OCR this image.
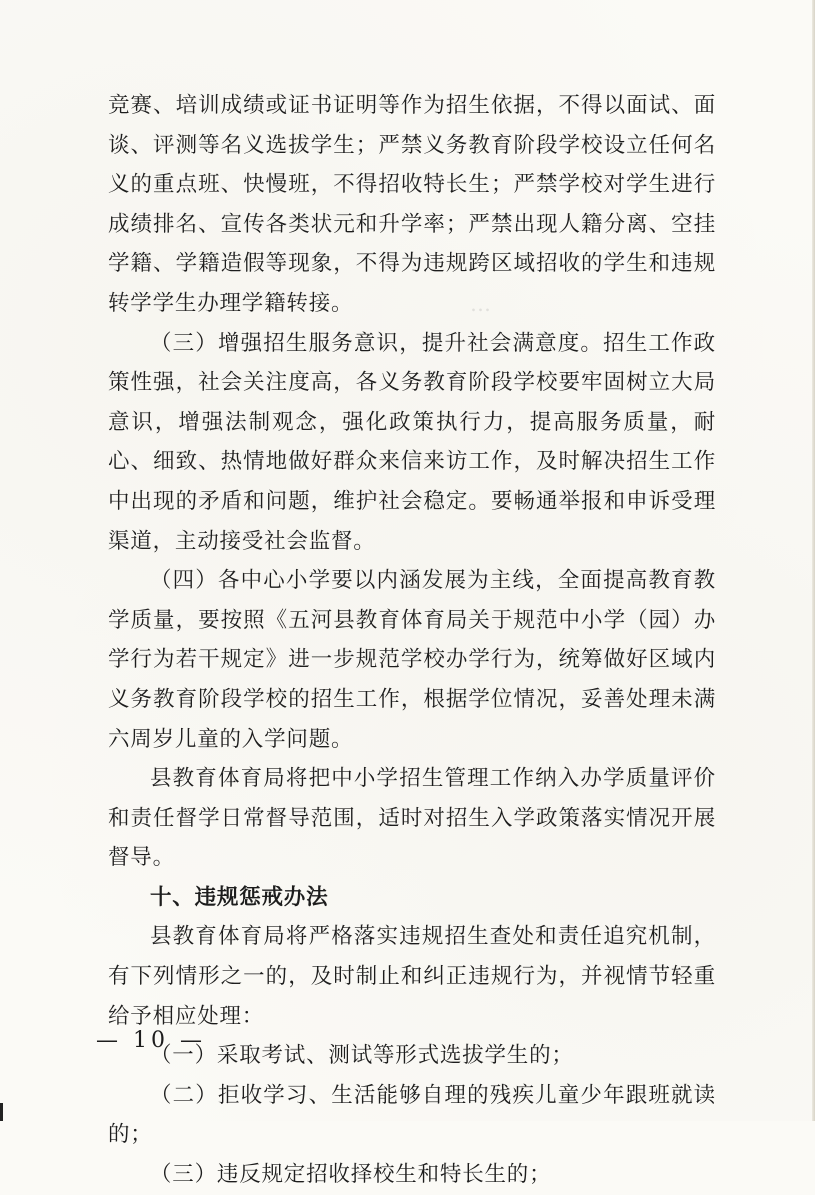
…

竞赛、培训成绩或证书证明等作为招生依据，不得以面试、面谈、评测等名义选拔学生；严禁义务教育阶段学校设立任何名义的重点班、快慢班，不得招收特长生；严禁学校对学生进行成绩排名、宣传各类状元和升学率；严禁出现人籍分离、空挂学籍、学籍造假等现象，不得为违规跨区域招收的学生和违规转学学生办理学籍转接。

（三）增强招生服务意识，提升社会满意度。招生工作政策性强，社会关注度高，各义务教育阶段学校要牢固树立大局意识，增强法制观念，强化政策执行力，提高服务质量，耐心、细致、热情地做好群众来信来访工作，及时解决招生工作中出现的矛盾和问题，维护社会稳定。要畅通举报和申诉受理渠道，主动接受社会监督。

（四）各中心小学要以内涵发展为主线，全面提高教育教学质量，要按照《五河县教育体育局关于规范中小学（园）办学行为若干规定》进一步规范学校办学行为，统筹做好区域内义务教育阶段学校的招生工作，根据学位情况，妥善处理未满六周岁儿童的入学问题。

县教育体育局将把中小学招生管理工作纳入办学质量评价和责任督学日常督导范围，适时对招生入学政策落实情况开展督导。

十、违规惩戒办法

县教育体育局将严格落实违规招生查处和责任追究机制，有下列情形之一的，及时制止和纠正违规行为，并视情节轻重给予相应处理：

（一）采取考试、测试等形式选拔学生的；

（二）拒收学习、生活能够自理的残疾儿童少年跟班就读的；

（三）违反规定招收择校生和特长生的；

— 10 —
